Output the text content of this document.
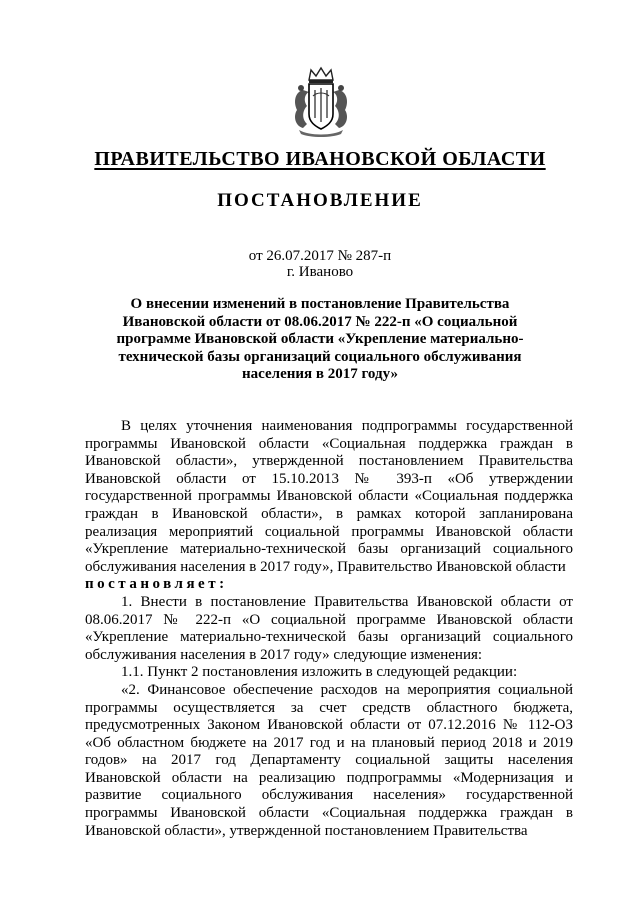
ПРАВИТЕЛЬСТВО ИВАНОВСКОЙ ОБЛАСТИ
ПОСТАНОВЛЕНИЕ
от 26.07.2017 № 287-п
г. Иваново

О внесении изменений в постановление Правительства Ивановской области от 08.06.2017 № 222-п «О социальной программе Ивановской области «Укрепление материально-технической базы организаций социального обслуживания населения в 2017 году»

В целях уточнения наименования подпрограммы государственной программы Ивановской области «Социальная поддержка граждан в Ивановской области», утвержденной постановлением Правительства Ивановской области от 15.10.2013 № 393-п «Об утверждении государственной программы Ивановской области «Социальная поддержка граждан в Ивановской области», в рамках которой запланирована реализация мероприятий социальной программы Ивановской области «Укрепление материально-технической базы организаций социального обслуживания населения в 2017 году», Правительство Ивановской области

постановляет:

1. Внести в постановление Правительства Ивановской области от 08.06.2017 № 222-п «О социальной программе Ивановской области «Укрепление материально-технической базы организаций социального обслуживания населения в 2017 году» следующие изменения:

1.1. Пункт 2 постановления изложить в следующей редакции:

«2. Финансовое обеспечение расходов на мероприятия социальной программы осуществляется за счет средств областного бюджета, предусмотренных Законом Ивановской области от 07.12.2016 № 112-ОЗ «Об областном бюджете на 2017 год и на плановый период 2018 и 2019 годов» на 2017 год Департаменту социальной защиты населения Ивановской области на реализацию подпрограммы «Модернизация и развитие социального обслуживания населения» государственной программы Ивановской области «Социальная поддержка граждан в Ивановской области», утвержденной постановлением Правительства
